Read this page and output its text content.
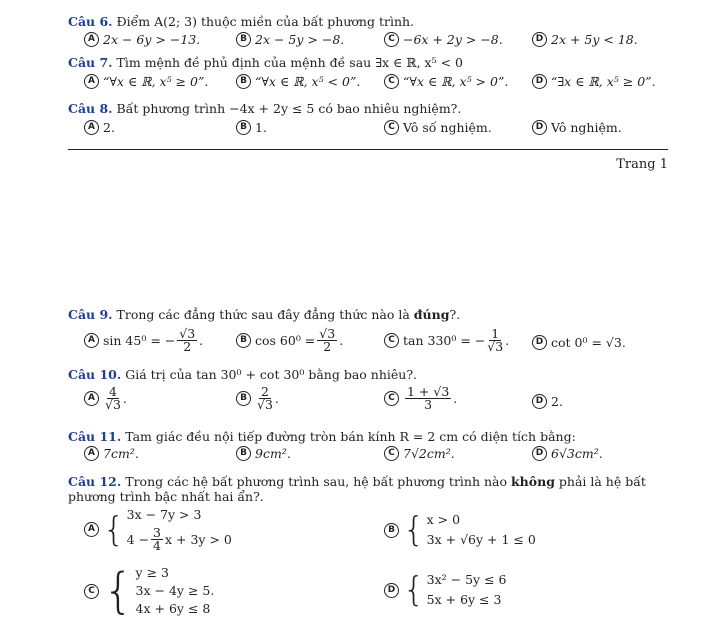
Câu 6. Điểm A(2; 3) thuộc miền của bất phương trình.
A 2x − 6y > −13.	B 2x − 5y > −8.	C −6x + 2y > −8.	D 2x + 5y < 18.
Câu 7. Tìm mệnh đề phủ định của mệnh đề sau ∃x ∈ ℝ, x⁵ < 0
A “∀x ∈ ℝ, x⁵ ≥ 0”.	B “∀x ∈ ℝ, x⁵ < 0”.	C “∀x ∈ ℝ, x⁵ > 0”.	D “∃x ∈ ℝ, x⁵ ≥ 0”.
Câu 8. Bất phương trình −4x + 2y ≤ 5 có bao nhiêu nghiệm?.
A 2.	B 1.	C Vô số nghiệm.	D Vô nghiệm.
Trang 1
Câu 9. Trong các đẳng thức sau đây đẳng thức nào là đúng?.
A sin 45⁰ = − $\frac{√3}{2}$ .	B $\cos 60^0 = \frac{√3}{2}$ .	C tan 330⁰ = − $\frac{1}{√3}$ .	D cot 0⁰ = √3.
Câu 10. Giá trị của tan 30⁰ + cot 30⁰ bằng bao nhiêu?.
A $\frac{4}{√3}$ .	B $\frac{2}{√3}$ .	C $\frac{1 + √3}{3}$ .	D 2.
Câu 11. Tam giác đều nội tiếp đường tròn bán kính R = 2 cm có diện tích bằng:
A 7cm².	B 9cm².	C 7√2cm².	D 6√3cm².
Câu 12. Trong các hệ bất phương trình sau, hệ bất phương trình nào không phải là hệ bất phương trình bậc nhất hai ẩn?.
A { 3x − 7y > 3
$4 - \frac{3}{4}$ x + 3y > 0
B { x > 0
3x + √6y + 1 ≤ 0
C { y ≥ 3
3x − 4y ≥ 5.
4x + 6y ≤ 8
D { 3x² − 5y ≤ 6
5x + 6y ≤ 3
